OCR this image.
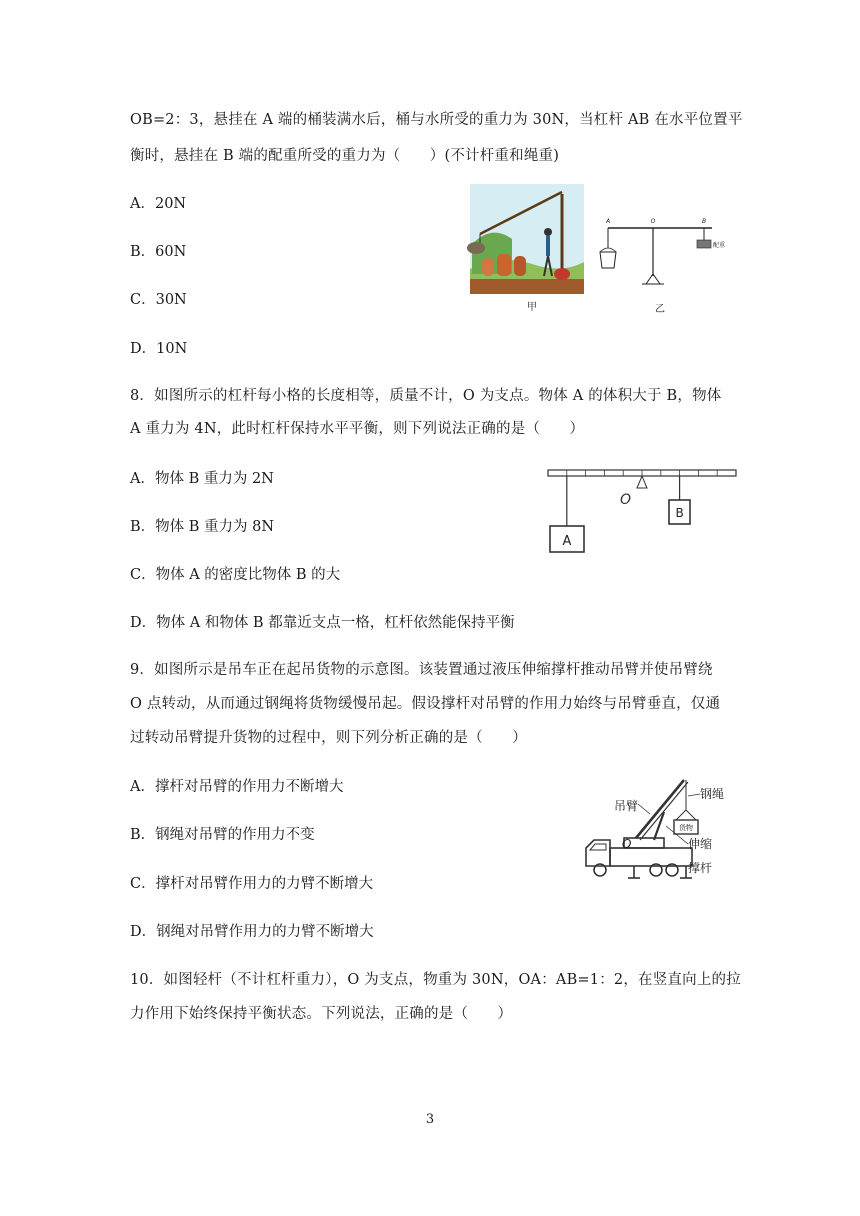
OB=2：3，悬挂在 A 端的桶装满水后，桶与水所受的重力为 30N，当杠杆 AB 在水平位置平
衡时，悬挂在 B 端的配重所受的重力为（　　）(不计杆重和绳重)
A．20N
B．60N
C．30N
D．10N
甲
A	O	B
配重
乙
8．如图所示的杠杆每小格的长度相等，质量不计，O 为支点。物体 A 的体积大于 B，物体
A 重力为 4N，此时杠杆保持水平平衡，则下列说法正确的是（　　）
A．物体 B 重力为 2N
B．物体 B 重力为 8N
C．物体 A 的密度比物体 B 的大
D．物体 A 和物体 B 都靠近支点一格，杠杆依然能保持平衡
O
A
B
9．如图所示是吊车正在起吊货物的示意图。该装置通过液压伸缩撑杆推动吊臂并使吊臂绕
O 点转动，从而通过钢绳将货物缓慢吊起。假设撑杆对吊臂的作用力始终与吊臂垂直，仅通
过转动吊臂提升货物的过程中，则下列分析正确的是（　　）
A．撑杆对吊臂的作用力不断增大
B．钢绳对吊臂的作用力不变
C．撑杆对吊臂作用力的力臂不断增大
D．钢绳对吊臂作用力的力臂不断增大
货物
吊臂
钢绳
O	伸缩
撑杆
10．如图轻杆（不计杠杆重力），O 为支点，物重为 30N，OA：AB=1：2，在竖直向上的拉
力作用下始终保持平衡状态。下列说法，正确的是（　　）
3
